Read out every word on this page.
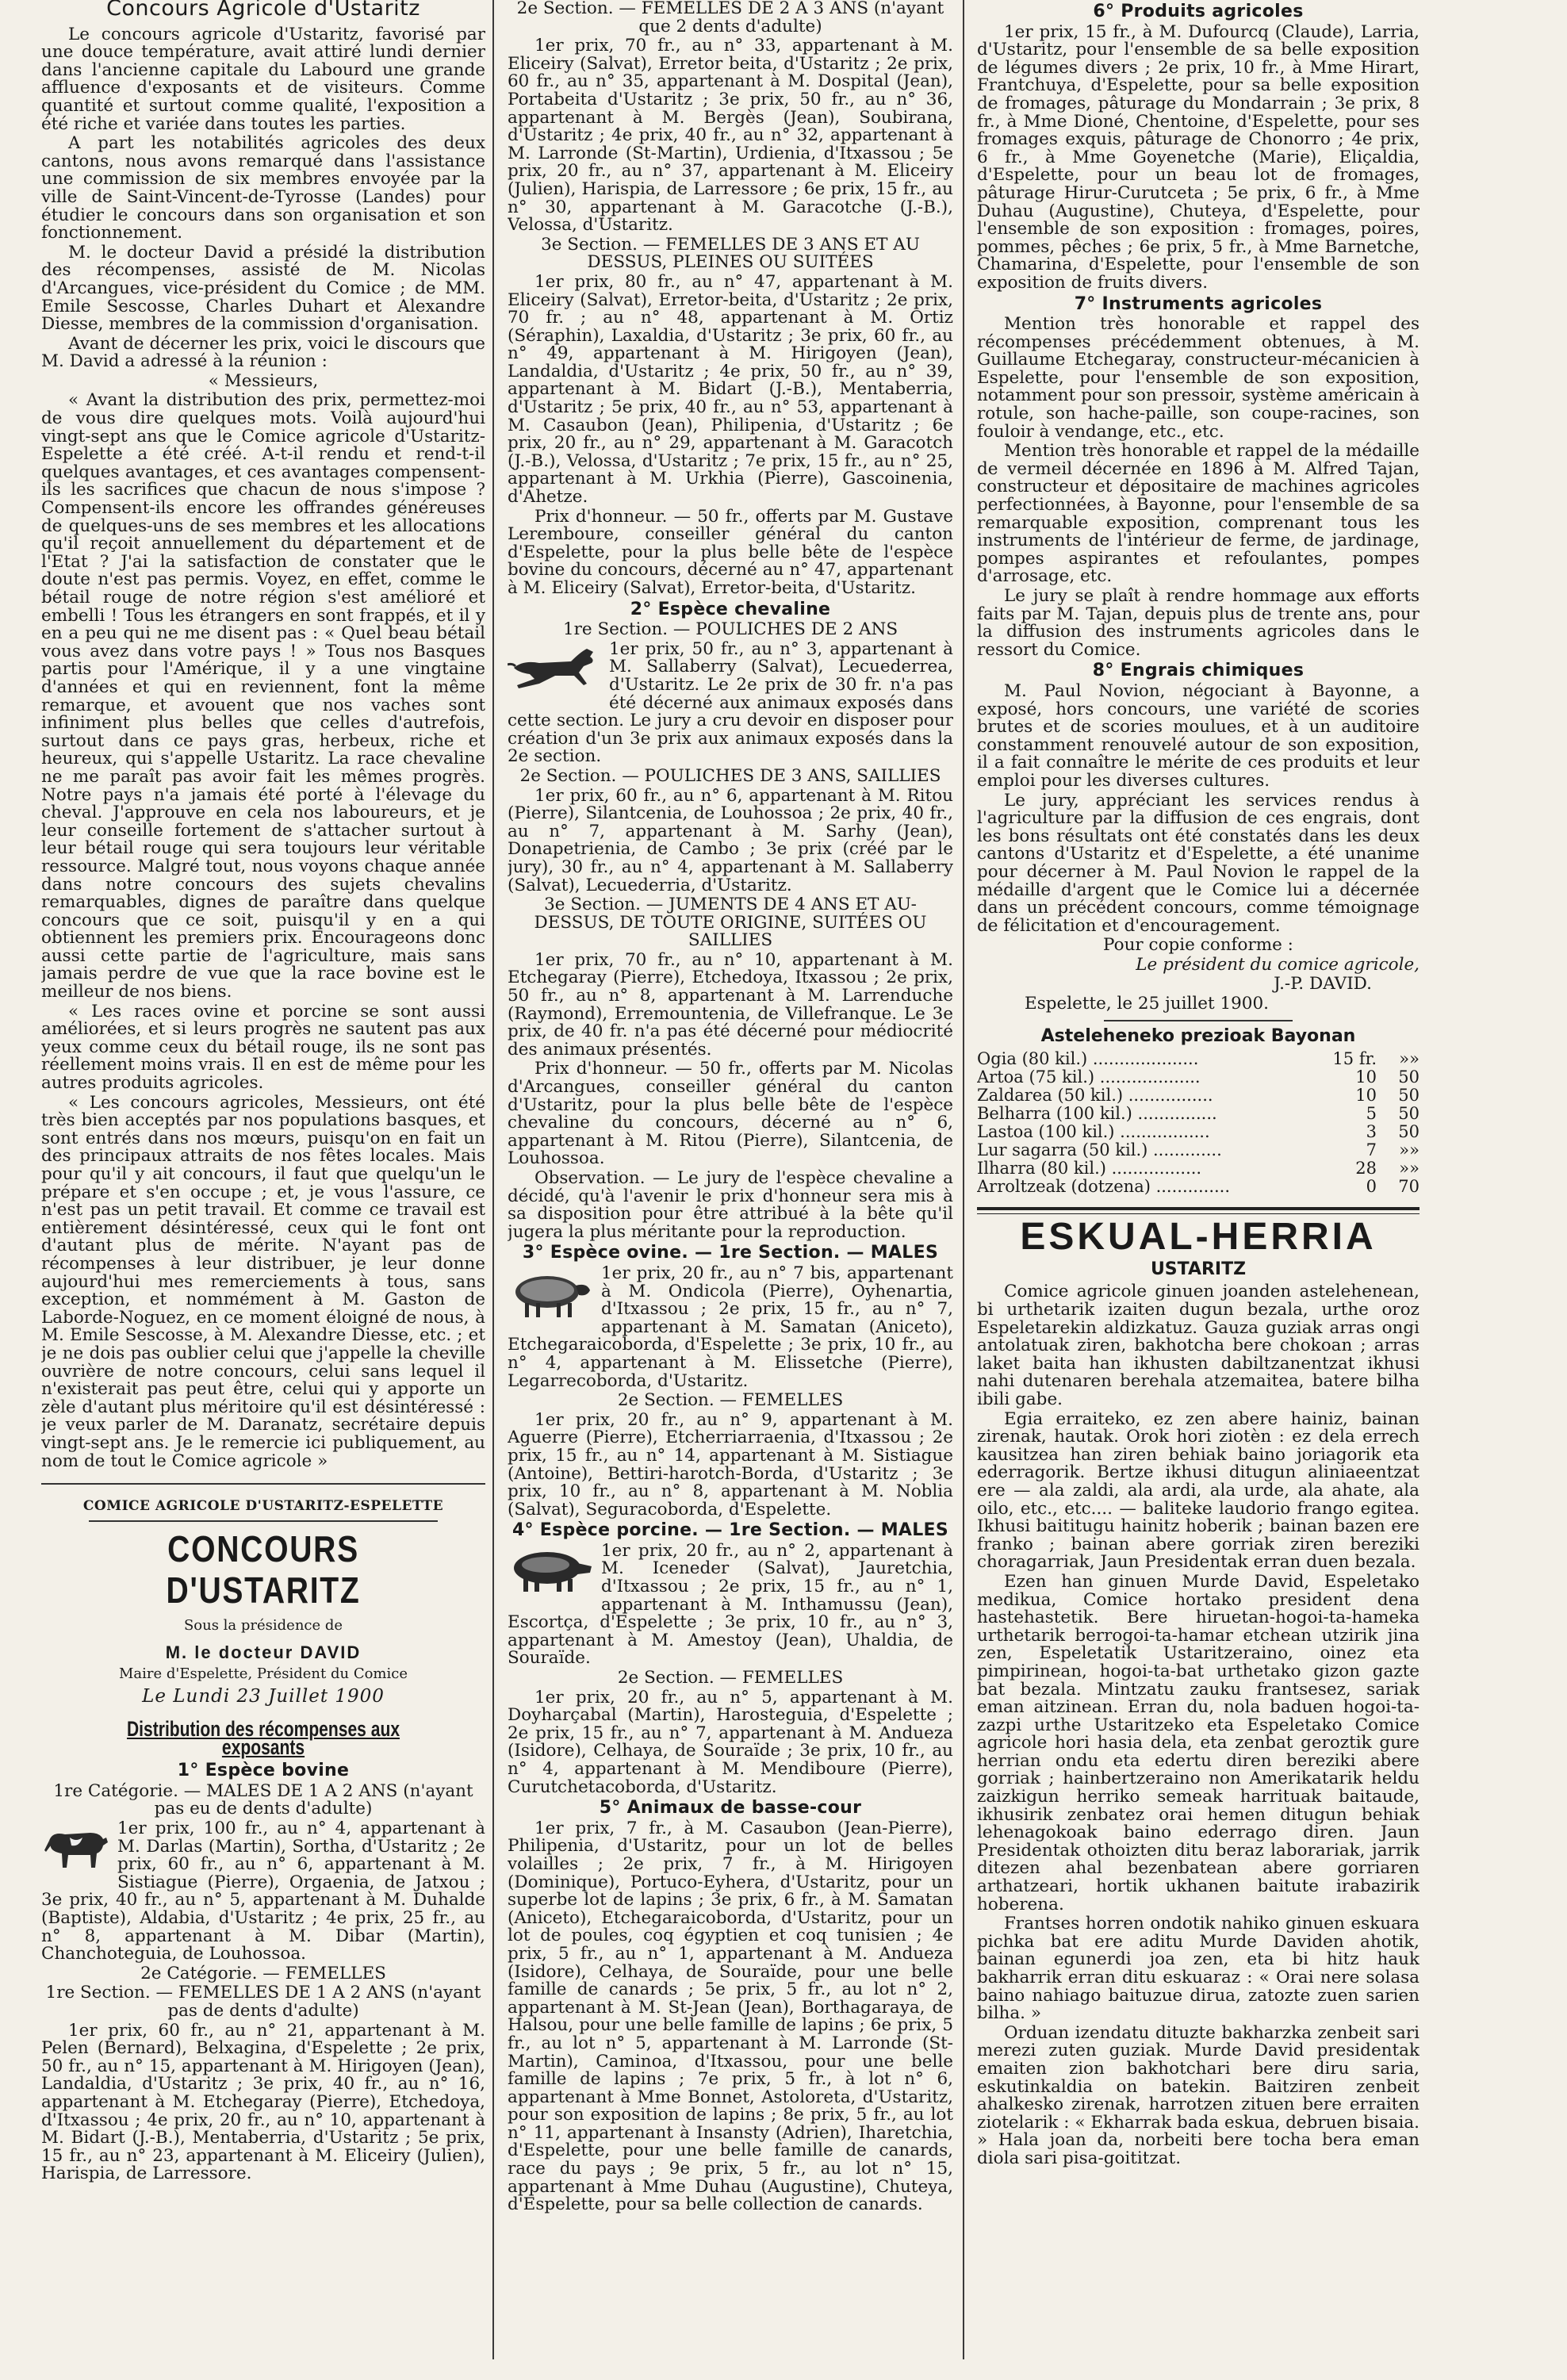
Concours Agricole d'Ustaritz

Le concours agricole d'Ustaritz, favorisé par une douce température, avait attiré lundi dernier dans l'ancienne capitale du Labourd une grande affluence d'exposants et de visiteurs. Comme quantité et surtout comme qualité, l'exposition a été riche et variée dans toutes les parties.

A part les notabilités agricoles des deux cantons, nous avons remarqué dans l'assistance une commission de six membres envoyée par la ville de Saint-Vincent-de-Tyrosse (Landes) pour étudier le concours dans son organisation et son fonctionnement.

M. le docteur David a présidé la distribution des récompenses, assisté de M. Nicolas d'Arcangues, vice-président du Comice ; de MM. Emile Sescosse, Charles Duhart et Alexandre Diesse, membres de la commission d'organisation.

Avant de décerner les prix, voici le discours que M. David a adressé à la réunion :

« Messieurs,

« Avant la distribution des prix, permettez-moi de vous dire quelques mots. Voilà aujourd'hui vingt-sept ans que le Comice agricole d'Ustaritz-Espelette a été créé. A-t-il rendu et rend-t-il quelques avantages, et ces avantages compensent-ils les sacrifices que chacun de nous s'impose ? Compensent-ils encore les offrandes généreuses de quelques-uns de ses membres et les allocations qu'il reçoit annuellement du département et de l'Etat ? J'ai la satisfaction de constater que le doute n'est pas permis. Voyez, en effet, comme le bétail rouge de notre région s'est amélioré et embelli ! Tous les étrangers en sont frappés, et il y en a peu qui ne me disent pas : « Quel beau bétail vous avez dans votre pays ! » Tous nos Basques partis pour l'Amérique, il y a une vingtaine d'années et qui en reviennent, font la même remarque, et avouent que nos vaches sont infiniment plus belles que celles d'autrefois, surtout dans ce pays gras, herbeux, riche et heureux, qui s'appelle Ustaritz. La race chevaline ne me paraît pas avoir fait les mêmes progrès. Notre pays n'a jamais été porté à l'élevage du cheval. J'approuve en cela nos laboureurs, et je leur conseille fortement de s'attacher surtout à leur bétail rouge qui sera toujours leur véritable ressource. Malgré tout, nous voyons chaque année dans notre concours des sujets chevalins remarquables, dignes de paraître dans quelque concours que ce soit, puisqu'il y en a qui obtiennent les premiers prix. Encourageons donc aussi cette partie de l'agriculture, mais sans jamais perdre de vue que la race bovine est le meilleur de nos biens.

« Les races ovine et porcine se sont aussi améliorées, et si leurs progrès ne sautent pas aux yeux comme ceux du bétail rouge, ils ne sont pas réellement moins vrais. Il en est de même pour les autres produits agricoles.

« Les concours agricoles, Messieurs, ont été très bien acceptés par nos populations basques, et sont entrés dans nos mœurs, puisqu'on en fait un des principaux attraits de nos fêtes locales. Mais pour qu'il y ait concours, il faut que quelqu'un le prépare et s'en occupe ; et, je vous l'assure, ce n'est pas un petit travail. Et comme ce travail est entièrement désintéressé, ceux qui le font ont d'autant plus de mérite. N'ayant pas de récompenses à leur distribuer, je leur donne aujourd'hui mes remerciements à tous, sans exception, et nommément à M. Gaston de Laborde-Noguez, en ce moment éloigné de nous, à M. Emile Sescosse, à M. Alexandre Diesse, etc. ; et je ne dois pas oublier celui que j'appelle la cheville ouvrière de notre concours, celui sans lequel il n'existerait pas peut être, celui qui y apporte un zèle d'autant plus méritoire qu'il est désintéressé : je veux parler de M. Daranatz, secrétaire depuis vingt-sept ans. Je le remercie ici publiquement, au nom de tout le Comice agricole »

COMICE AGRICOLE D'USTARITZ-ESPELETTE
CONCOURS D'USTARITZ
Sous la présidence de
M. le docteur DAVID
Maire d'Espelette, Président du Comice
Le Lundi 23 Juillet 1900
Distribution des récompenses aux exposants
1° Espèce bovine

1re Catégorie. — MALES DE 1 A 2 ANS (n'ayant pas eu de dents d'adulte)

1er prix, 100 fr., au n° 4, appartenant à M. Darlas (Martin), Sortha, d'Ustaritz ; 2e prix, 60 fr., au n° 6, appartenant à M. Sistiague (Pierre), Orgaenia, de Jatxou ; 3e prix, 40 fr., au n° 5, appartenant à M. Duhalde (Baptiste), Aldabia, d'Ustaritz ; 4e prix, 25 fr., au n° 8, appartenant à M. Dibar (Martin), Chanchoteguia, de Louhossoa.

2e Catégorie. — FEMELLES

1re Section. — FEMELLES DE 1 A 2 ANS (n'ayant pas de dents d'adulte)

1er prix, 60 fr., au n° 21, appartenant à M. Pelen (Bernard), Belxagina, d'Espelette ; 2e prix, 50 fr., au n° 15, appartenant à M. Hirigoyen (Jean), Landaldia, d'Ustaritz ; 3e prix, 40 fr., au n° 16, appartenant à M. Etchegaray (Pierre), Etchedoya, d'Itxassou ; 4e prix, 20 fr., au n° 10, appartenant à M. Bidart (J.-B.), Mentaberria, d'Ustaritz ; 5e prix, 15 fr., au n° 23, appartenant à M. Eliceiry (Julien), Harispia, de Larressore.

2e Section. — FEMELLES DE 2 A 3 ANS (n'ayant que 2 dents d'adulte)

1er prix, 70 fr., au n° 33, appartenant à M. Eliceiry (Salvat), Erretor beita, d'Ustaritz ; 2e prix, 60 fr., au n° 35, appartenant à M. Dospital (Jean), Portabeita d'Ustaritz ; 3e prix, 50 fr., au n° 36, appartenant à M. Bergès (Jean), Soubirana, d'Ustaritz ; 4e prix, 40 fr., au n° 32, appartenant à M. Larronde (St-Martin), Urdienia, d'Itxassou ; 5e prix, 20 fr., au n° 37, appartenant à M. Eliceiry (Julien), Harispia, de Larressore ; 6e prix, 15 fr., au n° 30, appartenant à M. Garacotche (J.-B.), Velossa, d'Ustaritz.

3e Section. — FEMELLES DE 3 ANS ET AU DESSUS, PLEINES OU SUITÉES

1er prix, 80 fr., au n° 47, appartenant à M. Eliceiry (Salvat), Erretor-beita, d'Ustaritz ; 2e prix, 70 fr. ; au n° 48, appartenant à M. Ortiz (Séraphin), Laxaldia, d'Ustaritz ; 3e prix, 60 fr., au n° 49, appartenant à M. Hirigoyen (Jean), Landaldia, d'Ustaritz ; 4e prix, 50 fr., au n° 39, appartenant à M. Bidart (J.-B.), Mentaberria, d'Ustaritz ; 5e prix, 40 fr., au n° 53, appartenant à M. Casaubon (Jean), Philipenia, d'Ustaritz ; 6e prix, 20 fr., au n° 29, appartenant à M. Garacotch (J.-B.), Velossa, d'Ustaritz ; 7e prix, 15 fr., au n° 25, appartenant à M. Urkhia (Pierre), Gascoinenia, d'Ahetze.

Prix d'honneur. — 50 fr., offerts par M. Gustave Leremboure, conseiller général du canton d'Espelette, pour la plus belle bête de l'espèce bovine du concours, décerné au n° 47, appartenant à M. Eliceiry (Salvat), Erretor-beita, d'Ustaritz.

2° Espèce chevaline

1re Section. — POULICHES DE 2 ANS

1er prix, 50 fr., au n° 3, appartenant à M. Sallaberry (Salvat), Lecuederrea, d'Ustaritz. Le 2e prix de 30 fr. n'a pas été décerné aux animaux exposés dans cette section. Le jury a cru devoir en disposer pour création d'un 3e prix aux animaux exposés dans la 2e section.

2e Section. — POULICHES DE 3 ANS, SAILLIES

1er prix, 60 fr., au n° 6, appartenant à M. Ritou (Pierre), Silantcenia, de Louhossoa ; 2e prix, 40 fr., au n° 7, appartenant à M. Sarhy (Jean), Donapetrienia, de Cambo ; 3e prix (créé par le jury), 30 fr., au n° 4, appartenant à M. Sallaberry (Salvat), Lecuederria, d'Ustaritz.

3e Section. — JUMENTS DE 4 ANS ET AU-DESSUS, DE TOUTE ORIGINE, SUITÉES OU SAILLIES

1er prix, 70 fr., au n° 10, appartenant à M. Etchegaray (Pierre), Etchedoya, Itxassou ; 2e prix, 50 fr., au n° 8, appartenant à M. Larrenduche (Raymond), Erremountenia, de Villefranque. Le 3e prix, de 40 fr. n'a pas été décerné pour médiocrité des animaux présentés.

Prix d'honneur. — 50 fr., offerts par M. Nicolas d'Arcangues, conseiller général du canton d'Ustaritz, pour la plus belle bête de l'espèce chevaline du concours, décerné au n° 6, appartenant à M. Ritou (Pierre), Silantcenia, de Louhossoa.

Observation. — Le jury de l'espèce chevaline a décidé, qu'à l'avenir le prix d'honneur sera mis à sa disposition pour être attribué à la bête qu'il jugera la plus méritante pour la reproduction.

3° Espèce ovine. — 1re Section. — MALES

1er prix, 20 fr., au n° 7 bis, appartenant à M. Ondicola (Pierre), Oyhenartia, d'Itxassou ; 2e prix, 15 fr., au n° 7, appartenant à M. Samatan (Aniceto), Etchegaraicoborda, d'Espelette ; 3e prix, 10 fr., au n° 4, appartenant à M. Elissetche (Pierre), Legarrecoborda, d'Ustaritz.

2e Section. — FEMELLES

1er prix, 20 fr., au n° 9, appartenant à M. Aguerre (Pierre), Etcherriarraenia, d'Itxassou ; 2e prix, 15 fr., au n° 14, appartenant à M. Sistiague (Antoine), Bettiri-harotch-Borda, d'Ustaritz ; 3e prix, 10 fr., au n° 8, appartenant à M. Noblia (Salvat), Seguracoborda, d'Espelette.

4° Espèce porcine. — 1re Section. — MALES

1er prix, 20 fr., au n° 2, appartenant à M. Iceneder (Salvat), Jauretchia, d'Itxassou ; 2e prix, 15 fr., au n° 1, appartenant à M. Inthamussu (Jean), Escortça, d'Espelette ; 3e prix, 10 fr., au n° 3, appartenant à M. Amestoy (Jean), Uhaldia, de Souraïde.

2e Section. — FEMELLES

1er prix, 20 fr., au n° 5, appartenant à M. Doyharçabal (Martin), Harosteguia, d'Espelette ; 2e prix, 15 fr., au n° 7, appartenant à M. Andueza (Isidore), Celhaya, de Souraïde ; 3e prix, 10 fr., au n° 4, appartenant à M. Mendiboure (Pierre), Curutchetacoborda, d'Ustaritz.

5° Animaux de basse-cour

1er prix, 7 fr., à M. Casaubon (Jean-Pierre), Philipenia, d'Ustaritz, pour un lot de belles volailles ; 2e prix, 7 fr., à M. Hirigoyen (Dominique), Portuco-Eyhera, d'Ustaritz, pour un superbe lot de lapins ; 3e prix, 6 fr., à M. Samatan (Aniceto), Etchegaraicoborda, d'Ustaritz, pour un lot de poules, coq égyptien et coq tunisien ; 4e prix, 5 fr., au n° 1, appartenant à M. Andueza (Isidore), Celhaya, de Souraïde, pour une belle famille de canards ; 5e prix, 5 fr., au lot n° 2, appartenant à M. St-Jean (Jean), Borthagaraya, de Halsou, pour une belle famille de lapins ; 6e prix, 5 fr., au lot n° 5, appartenant à M. Larronde (St-Martin), Caminoa, d'Itxassou, pour une belle famille de lapins ; 7e prix, 5 fr., à lot n° 6, appartenant à Mme Bonnet, Astoloreta, d'Ustaritz, pour son exposition de lapins ; 8e prix, 5 fr., au lot n° 11, appartenant à Insansty (Adrien), Iharetchia, d'Espelette, pour une belle famille de canards, race du pays ; 9e prix, 5 fr., au lot n° 15, appartenant à Mme Duhau (Augustine), Chuteya, d'Espelette, pour sa belle collection de canards.

6° Produits agricoles

1er prix, 15 fr., à M. Dufourcq (Claude), Larria, d'Ustaritz, pour l'ensemble de sa belle exposition de légumes divers ; 2e prix, 10 fr., à Mme Hirart, Frantchuya, d'Espelette, pour sa belle exposition de fromages, pâturage du Mondarrain ; 3e prix, 8 fr., à Mme Dioné, Chentoine, d'Espelette, pour ses fromages exquis, pâturage de Chonorro ; 4e prix, 6 fr., à Mme Goyenetche (Marie), Eliçaldia, d'Espelette, pour un beau lot de fromages, pâturage Hirur-Curutceta ; 5e prix, 6 fr., à Mme Duhau (Augustine), Chuteya, d'Espelette, pour l'ensemble de son exposition : fromages, poires, pommes, pêches ; 6e prix, 5 fr., à Mme Barnetche, Chamarina, d'Espelette, pour l'ensemble de son exposition de fruits divers.

7° Instruments agricoles

Mention très honorable et rappel des récompenses précédemment obtenues, à M. Guillaume Etchegaray, constructeur-mécanicien à Espelette, pour l'ensemble de son exposition, notamment pour son pressoir, système américain à rotule, son hache-paille, son coupe-racines, son fouloir à vendange, etc., etc.

Mention très honorable et rappel de la médaille de vermeil décernée en 1896 à M. Alfred Tajan, constructeur et dépositaire de machines agricoles perfectionnées, à Bayonne, pour l'ensemble de sa remarquable exposition, comprenant tous les instruments de l'intérieur de ferme, de jardinage, pompes aspirantes et refoulantes, pompes d'arrosage, etc.

Le jury se plaît à rendre hommage aux efforts faits par M. Tajan, depuis plus de trente ans, pour la diffusion des instruments agricoles dans le ressort du Comice.

8° Engrais chimiques

M. Paul Novion, négociant à Bayonne, a exposé, hors concours, une variété de scories brutes et de scories moulues, et à un auditoire constamment renouvelé autour de son exposition, il a fait connaître le mérite de ces produits et leur emploi pour les diverses cultures.

Le jury, appréciant les services rendus à l'agriculture par la diffusion de ces engrais, dont les bons résultats ont été constatés dans les deux cantons d'Ustaritz et d'Espelette, a été unanime pour décerner à M. Paul Novion le rappel de la médaille d'argent que le Comice lui a décernée dans un précédent concours, comme témoignage de félicitation et d'encouragement.

Pour copie conforme :

Le président du comice agricole,

J.-P. DAVID.

Espelette, le 25 juillet 1900.

Asteleheneko prezioak Bayonan
Ogia (80 kil.) ....................	15 fr.	»»
Artoa (75 kil.) ...................	10	50
Zaldarea (50 kil.) ................	10	50
Belharra (100 kil.) ...............	5	50
Lastoa (100 kil.) .................	3	50
Lur sagarra (50 kil.) .............	7	»»
Ilharra (80 kil.) .................	28	»»
Arroltzeak (dotzena) ..............	0	70
ESKUAL-HERRIA
USTARITZ

Comice agricole ginuen joanden astelehenean, bi urthetarik izaiten dugun bezala, urthe oroz Espeletarekin aldizkatuz. Gauza guziak arras ongi antolatuak ziren, bakhotcha bere chokoan ; arras laket baita han ikhusten dabiltzanentzat ikhusi nahi dutenaren berehala atzemaitea, batere bilha ibili gabe.

Egia erraiteko, ez zen abere hainiz, bainan zirenak, hautak. Orok hori ziotèn : ez dela errech kausitzea han ziren behiak baino joriagorik eta ederragorik. Bertze ikhusi ditugun aliniaeentzat ere — ala zaldi, ala ardi, ala urde, ala ahate, ala oilo, etc., etc.... — baliteke laudorio frango egitea. Ikhusi baititugu hainitz hoberik ; bainan bazen ere franko ; bainan abere gorriak ziren bereziki choragarriak, Jaun Presidentak erran duen bezala.

Ezen han ginuen Murde David, Espeletako medikua, Comice hortako president dena hastehastetik. Bere hiruetan-hogoi-ta-hameka urthetarik berrogoi-ta-hamar etchean utzirik jina zen, Espeletatik Ustaritzeraino, oinez eta pimpirinean, hogoi-ta-bat urthetako gizon gazte bat bezala. Mintzatu zauku frantsesez, sariak eman aitzinean. Erran du, nola baduen hogoi-ta-zazpi urthe Ustaritzeko eta Espeletako Comice agricole hori hasia dela, eta zenbat geroztik gure herrian ondu eta edertu diren bereziki abere gorriak ; hainbertzeraino non Amerikatarik heldu zaizkigun herriko semeak harrituak baitaude, ikhusirik zenbatez orai hemen ditugun behiak lehenagokoak baino ederrago diren. Jaun Presidentak othoizten ditu beraz laborariak, jarrik ditezen ahal bezenbatean abere gorriaren arthatzeari, hortik ukhanen baitute irabazirik hoberena.

Frantses horren ondotik nahiko ginuen eskuara pichka bat ere aditu Murde Daviden ahotik, bainan egunerdi joa zen, eta bi hitz hauk bakharrik erran ditu eskuaraz : « Orai nere solasa baino nahiago baituzue dirua, zatozte zuen sarien bilha. »

Orduan izendatu dituzte bakharzka zenbeit sari merezi zuten guziak. Murde David presidentak emaiten zion bakhotchari bere diru saria, eskutinkaldia on batekin. Baitziren zenbeit ahalkesko zirenak, harrotzen zituen bere erraiten ziotelarik : « Ekharrak bada eskua, debruen bisaia. » Hala joan da, norbeiti bere tocha bera eman diola sari pisa-goititzat.
